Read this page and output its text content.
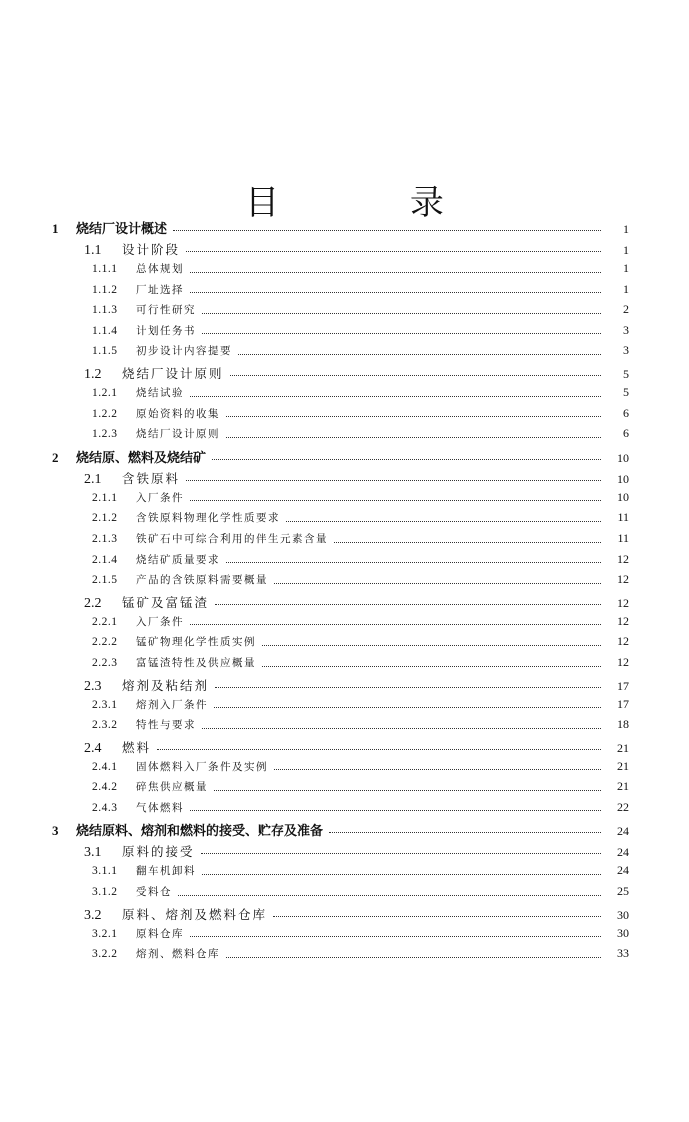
目 录
1	烧结厂设计概述	1
1.1	设计阶段	1
1.1.1	总体规划	1
1.1.2	厂址选择	1
1.1.3	可行性研究	2
1.1.4	计划任务书	3
1.1.5	初步设计内容提要	3
1.2	烧结厂设计原则	5
1.2.1	烧结试验	5
1.2.2	原始资料的收集	6
1.2.3	烧结厂设计原则	6
2	烧结原、燃料及烧结矿	10
2.1	含铁原料	10
2.1.1	入厂条件	10
2.1.2	含铁原料物理化学性质要求	11
2.1.3	铁矿石中可综合利用的伴生元素含量	11
2.1.4	烧结矿质量要求	12
2.1.5	产品的含铁原料需要概量	12
2.2	锰矿及富锰渣	12
2.2.1	入厂条件	12
2.2.2	锰矿物理化学性质实例	12
2.2.3	富锰渣特性及供应概量	12
2.3	熔剂及粘结剂	17
2.3.1	熔剂入厂条件	17
2.3.2	特性与要求	18
2.4	燃料	21
2.4.1	固体燃料入厂条件及实例	21
2.4.2	碎焦供应概量	21
2.4.3	气体燃料	22
3	烧结原料、熔剂和燃料的接受、贮存及准备	24
3.1	原料的接受	24
3.1.1	翻车机卸料	24
3.1.2	受料仓	25
3.2	原料、熔剂及燃料仓库	30
3.2.1	原料仓库	30
3.2.2	熔剂、燃料仓库	33
